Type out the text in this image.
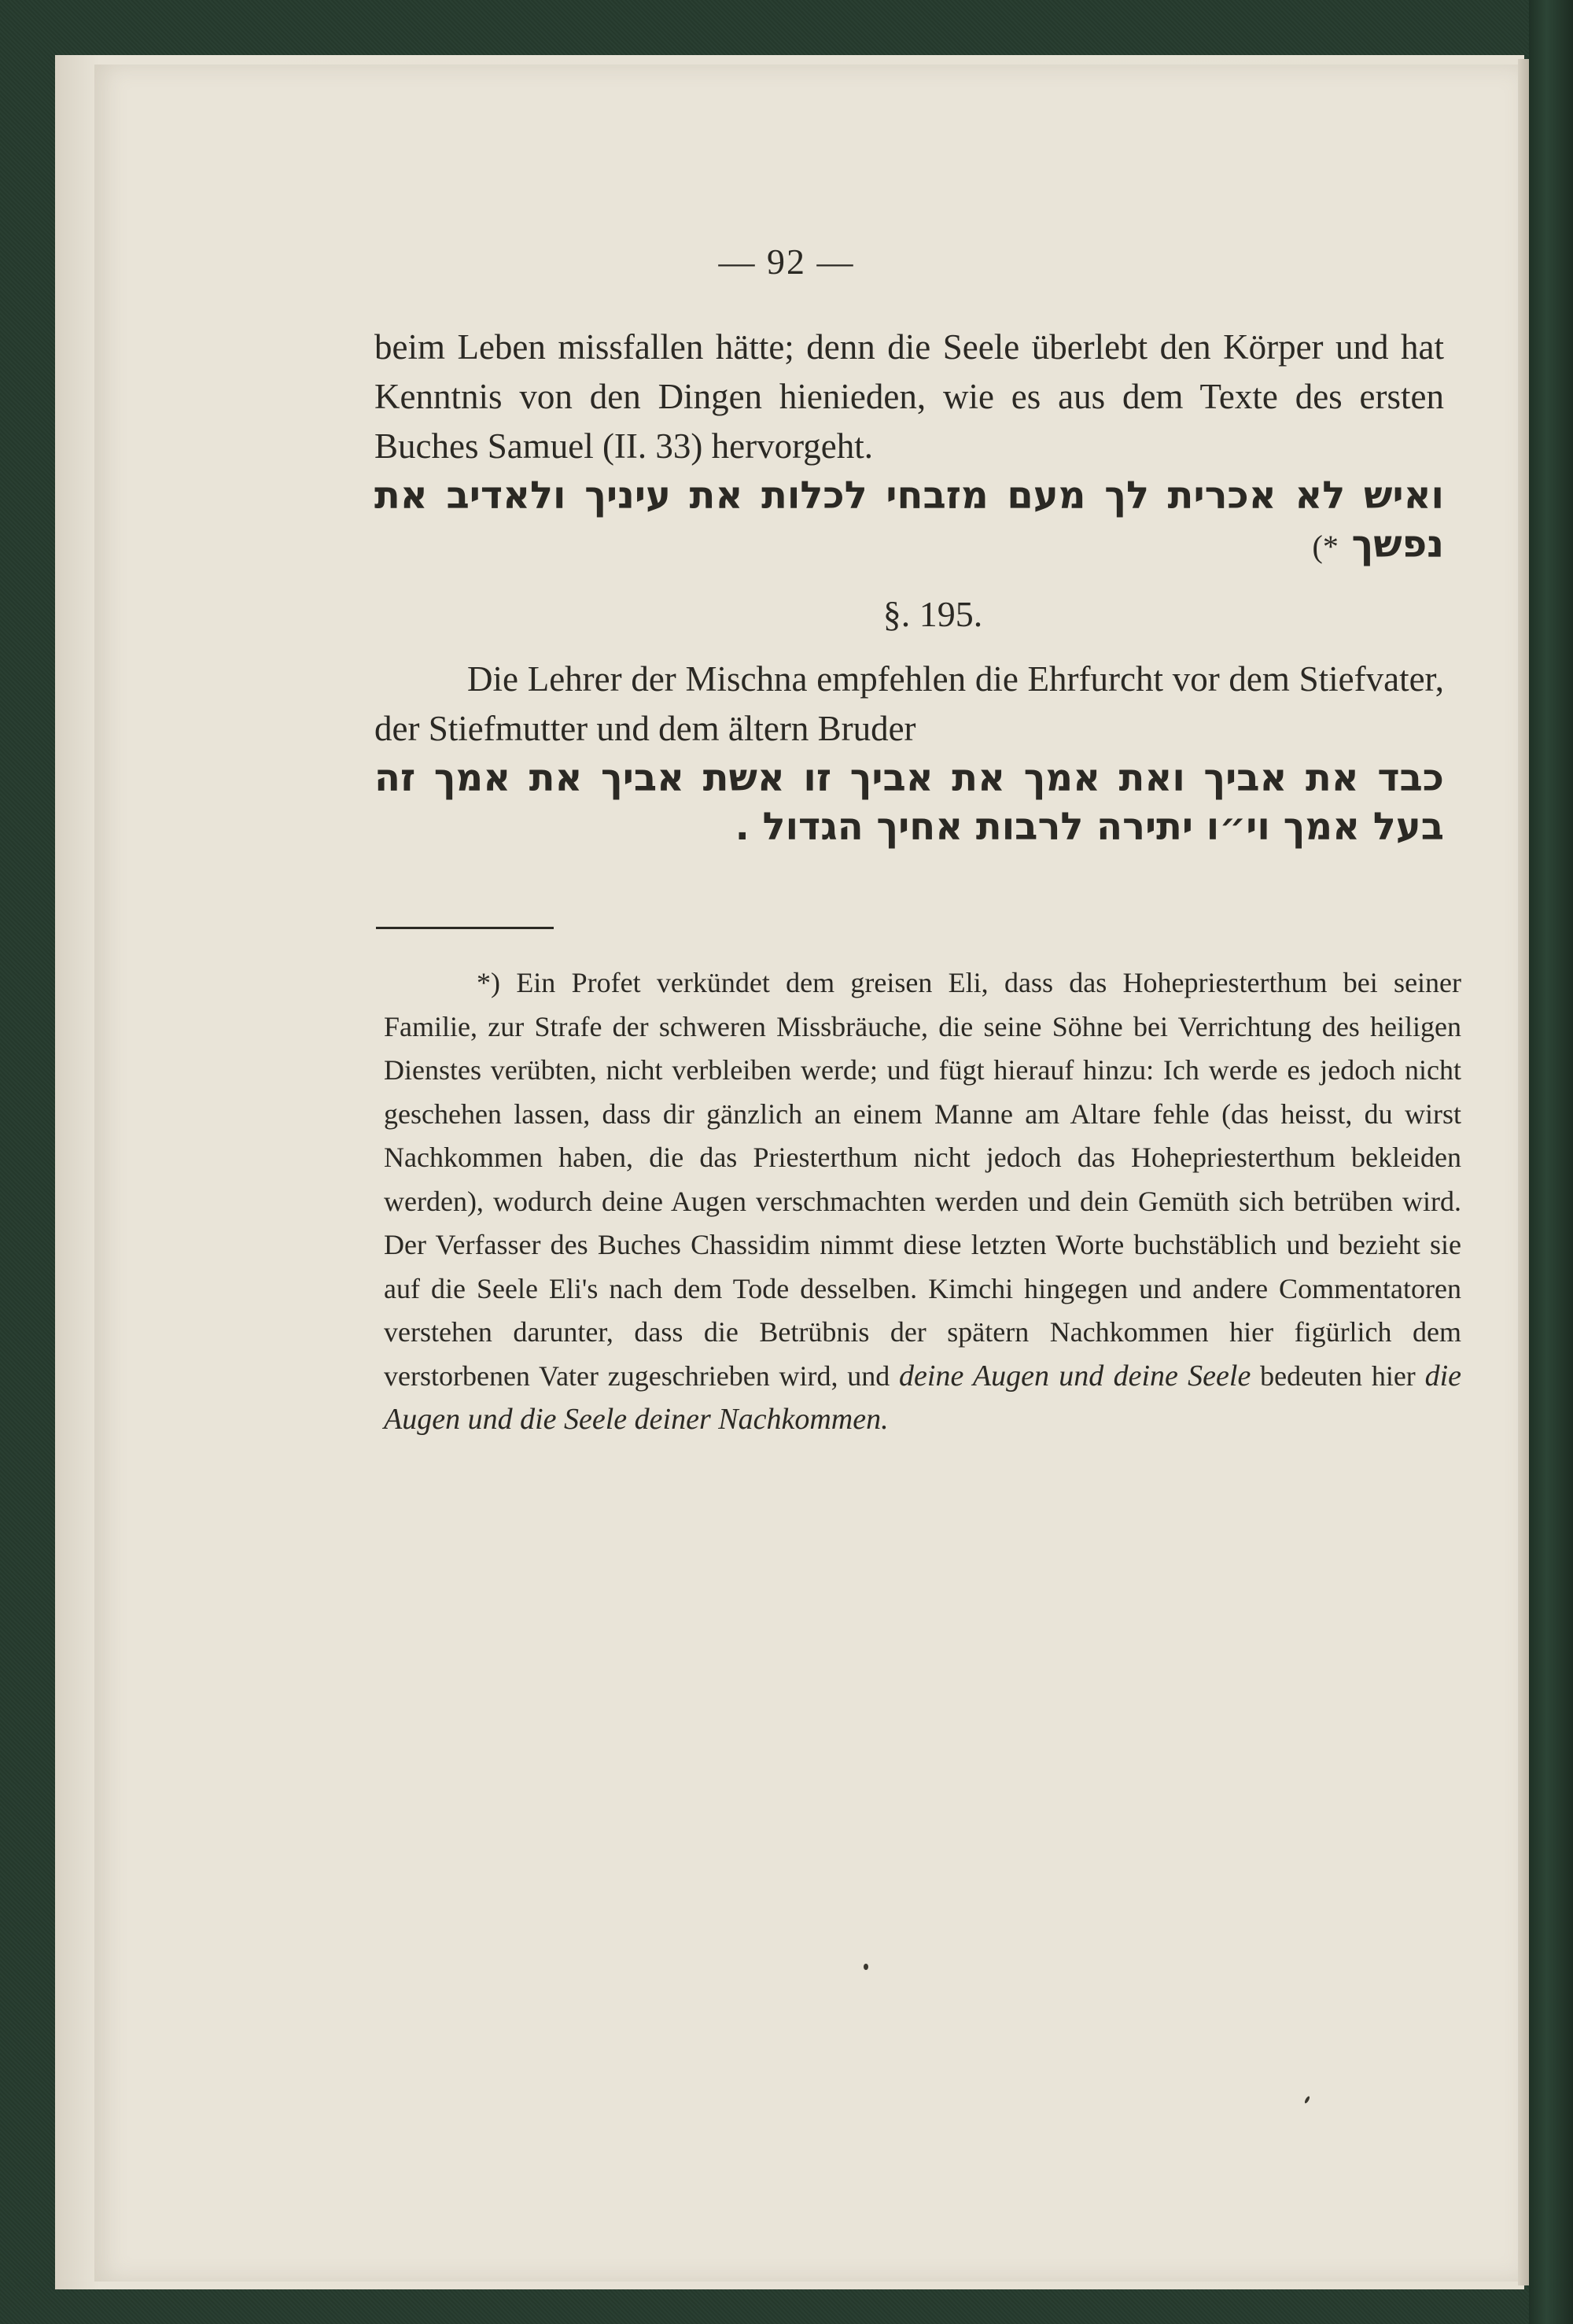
— 92 —

beim Leben missfallen hätte; denn die Seele überlebt den Körper und hat Kenntnis von den Dingen hienieden, wie es aus dem Texte des ersten Buches Samuel (II. 33) hervorgeht.

ואיש לא אכרית לך מעם מזבחי לכלות את עיניך ולאדיב את נפשך *)

§. 195.

Die Lehrer der Mischna empfehlen die Ehrfurcht vor dem Stiefvater, der Stiefmutter und dem ältern Bruder

כבד את אביך ואת אמך את אביך זו אשת אביך את אמך זה בעל אמך וי״ו יתירה לרבות אחיך הגדול .

*) Ein Profet verkündet dem greisen Eli, dass das Hohepriesterthum bei seiner Familie, zur Strafe der schweren Missbräuche, die seine Söhne bei Verrichtung des heiligen Dienstes verübten, nicht verbleiben werde; und fügt hierauf hinzu: Ich werde es jedoch nicht geschehen lassen, dass dir gänzlich an einem Manne am Altare fehle (das heisst, du wirst Nachkommen haben, die das Priesterthum nicht jedoch das Hohepriesterthum bekleiden werden), wodurch deine Augen verschmachten werden und dein Gemüth sich betrüben wird. Der Verfasser des Buches Chassidim nimmt diese letzten Worte buchstäblich und bezieht sie auf die Seele Eli's nach dem Tode desselben. Kimchi hingegen und andere Commentatoren verstehen darunter, dass die Betrübnis der spätern Nachkommen hier figürlich dem verstorbenen Vater zugeschrieben wird, und deine Augen und deine Seele bedeuten hier die Augen und die Seele deiner Nachkommen.
